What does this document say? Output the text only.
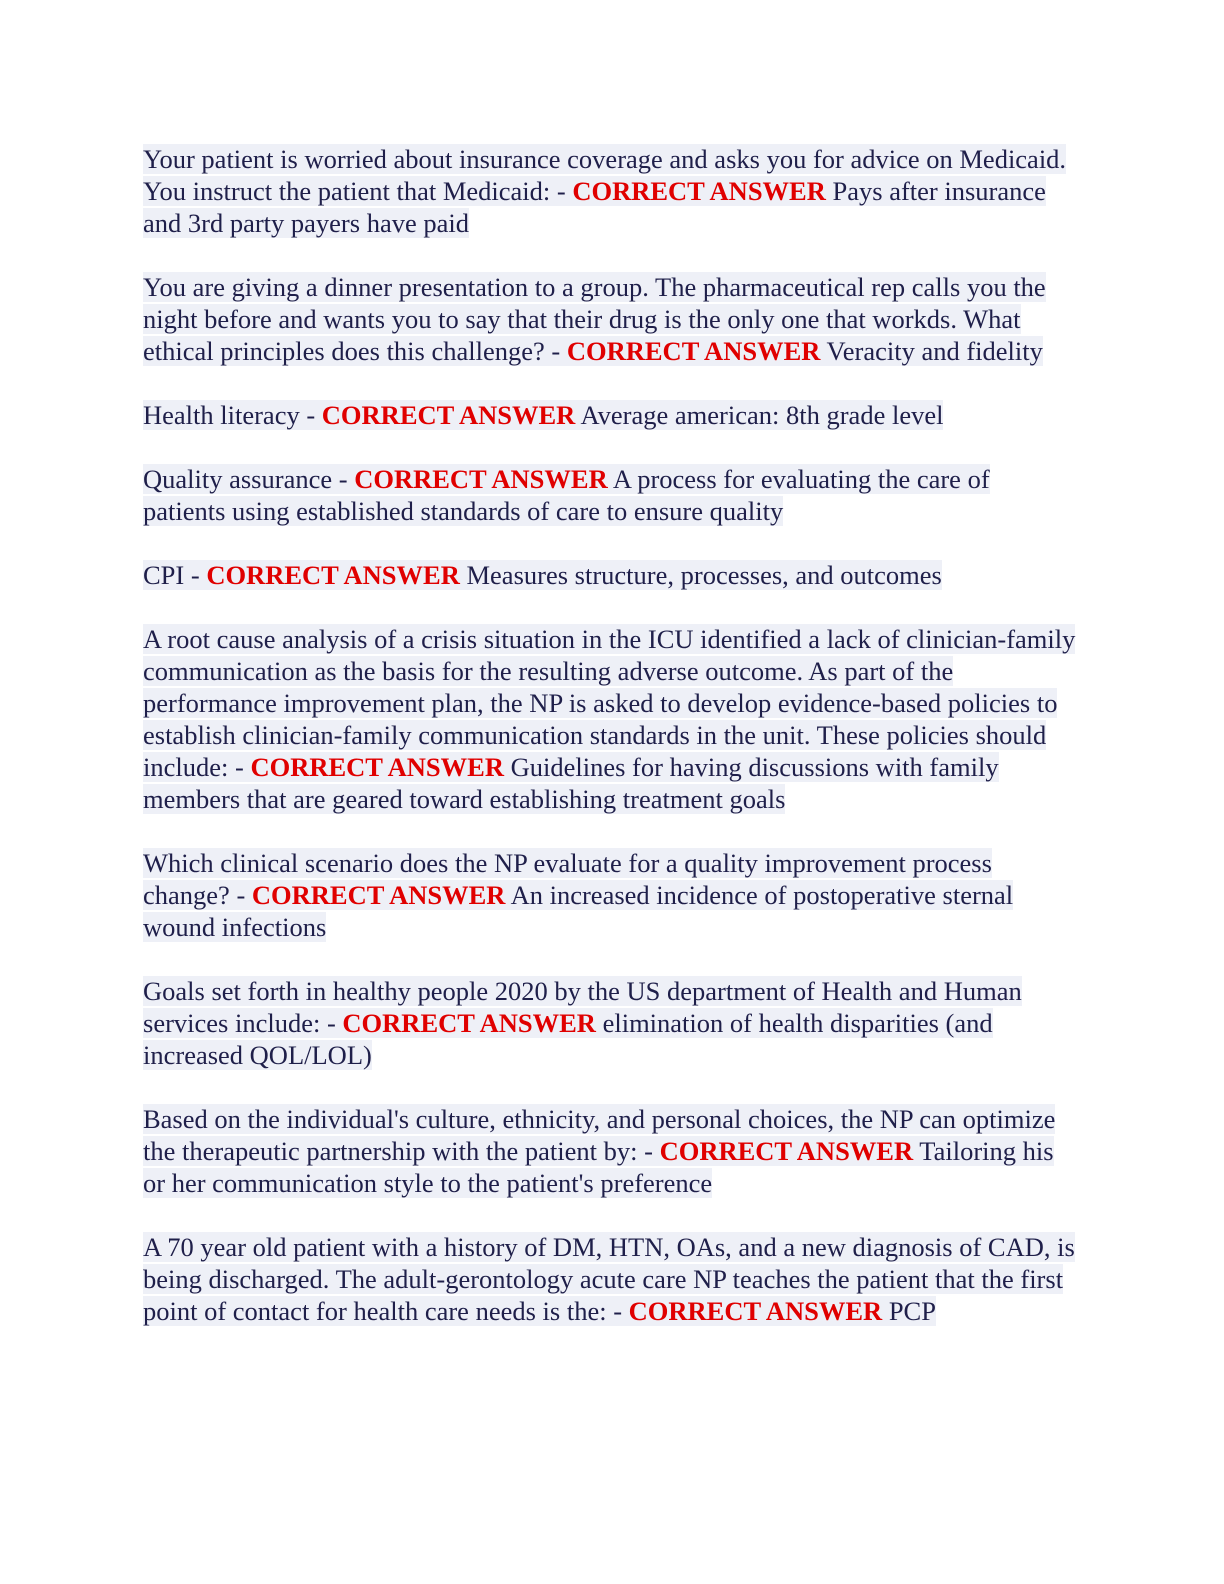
Your patient is worried about insurance coverage and asks you for advice on Medicaid. You instruct the patient that Medicaid: - CORRECT ANSWER Pays after insurance and 3rd party payers have paid

You are giving a dinner presentation to a group. The pharmaceutical rep calls you the night before and wants you to say that their drug is the only one that workds. What ethical principles does this challenge? - CORRECT ANSWER Veracity and fidelity

Health literacy - CORRECT ANSWER Average american: 8th grade level

Quality assurance - CORRECT ANSWER A process for evaluating the care of patients using established standards of care to ensure quality

CPI - CORRECT ANSWER Measures structure, processes, and outcomes

A root cause analysis of a crisis situation in the ICU identified a lack of clinician-family communication as the basis for the resulting adverse outcome. As part of the performance improvement plan, the NP is asked to develop evidence-based policies to establish clinician-family communication standards in the unit. These policies should include: - CORRECT ANSWER Guidelines for having discussions with family members that are geared toward establishing treatment goals

Which clinical scenario does the NP evaluate for a quality improvement process change? - CORRECT ANSWER An increased incidence of postoperative sternal wound infections

Goals set forth in healthy people 2020 by the US department of Health and Human services include: - CORRECT ANSWER elimination of health disparities (and increased QOL/LOL)

Based on the individual's culture, ethnicity, and personal choices, the NP can optimize the therapeutic partnership with the patient by: - CORRECT ANSWER Tailoring his or her communication style to the patient's preference

A 70 year old patient with a history of DM, HTN, OAs, and a new diagnosis of CAD, is being discharged. The adult-gerontology acute care NP teaches the patient that the first point of contact for health care needs is the: - CORRECT ANSWER PCP
